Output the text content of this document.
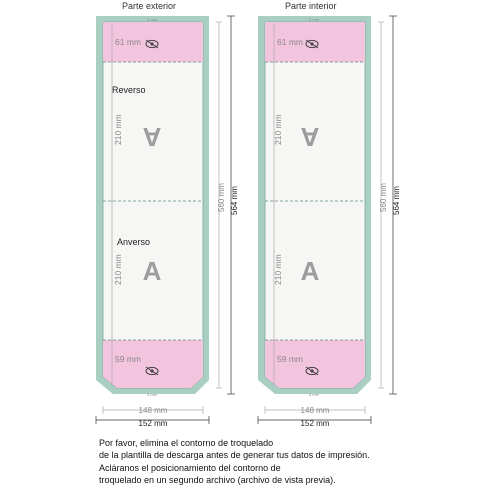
Parte exterior	Parte interior
A
A
61 mm
59 mm
Reverso
Anverso
210 mm
210 mm
560 mm 564 mm
148 mm
152 mm
3 mm
3 mm
A
A
61 mm
59 mm
210 mm
210 mm
560 mm 564 mm
148 mm
152 mm
3 mm
3 mm
Por favor, elimina el contorno de troquelado
de la plantilla de descarga antes de generar tus datos de impresión.
Acláranos el posicionamiento del contorno de
troquelado en un segundo archivo (archivo de vista previa).
